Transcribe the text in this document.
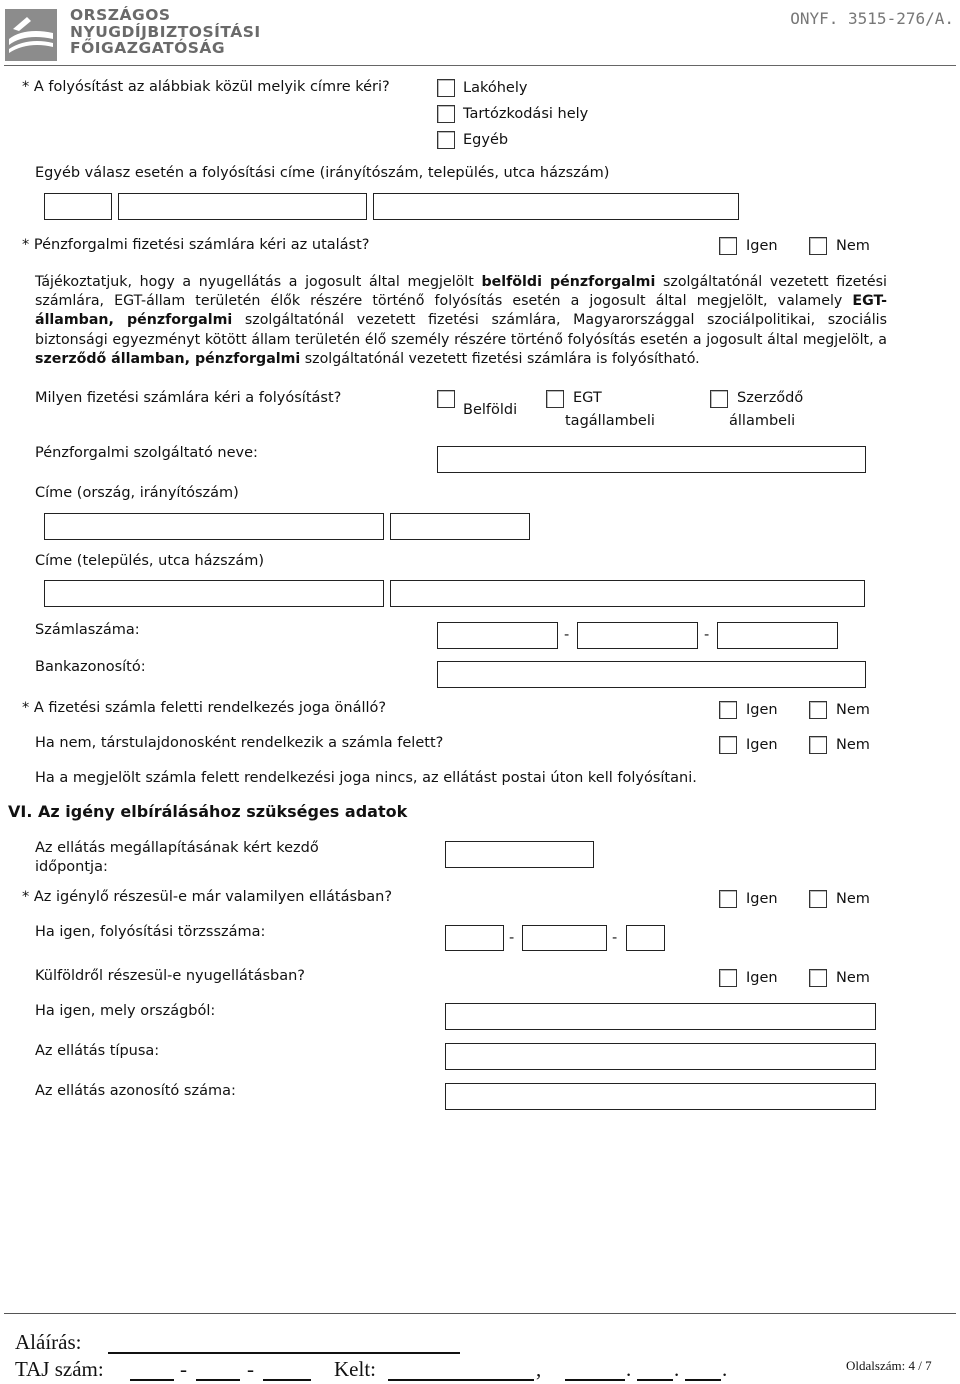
ORSZÁGOS
NYUGDÍJBIZTOSÍTÁSI
FŐIGAZGATÓSÁG
ONYF. 3515-276/A.
* A folyósítást az alábbiak közül melyik címre kéri?	Lakóhely
Tartózkodási hely
Egyéb
Egyéb válasz esetén a folyósítási címe (irányítószám, település, utca házszám)
* Pénzforgalmi fizetési számlára kéri az utalást?	Igen	Nem
Tájékoztatjuk, hogy a nyugellátás a jogosult által megjelölt belföldi pénzforgalmi szolgáltatónál vezetett fizetési számlára, EGT-állam területén élők részére történő folyósítás esetén a jogosult által megjelölt, valamely EGT-államban, pénzforgalmi szolgáltatónál vezetett fizetési számlára, Magyarországgal szociálpolitikai, szociális biztonsági egyezményt kötött állam területén élő személy részére történő folyósítás esetén a jogosult által megjelölt, a szerződő államban, pénzforgalmi szolgáltatónál vezetett fizetési számlára is folyósítható.
Milyen fizetési számlára kéri a folyósítást?
Belföldi
EGT
tagállambeli
Szerződő
állambeli
Pénzforgalmi szolgáltató neve:
Címe (ország, irányítószám)
Címe (település, utca házszám)
Számlaszáma:	-	-
Bankazonosító:
* A fizetési számla feletti rendelkezés joga önálló?	Igen	Nem
Ha nem, társtulajdonosként rendelkezik a számla felett?	Igen	Nem
Ha a megjelölt számla felett rendelkezési joga nincs, az ellátást postai úton kell folyósítani.
VI. Az igény elbírálásához szükséges adatok
Az ellátás megállapításának kért kezdő
időpontja:
* Az igénylő részesül-e már valamilyen ellátásban?	Igen	Nem
Ha igen, folyósítási törzsszáma:	-	-
Külföldről részesül-e nyugellátásban?	Igen	Nem
Ha igen, mely országból:
Az ellátás típusa:
Az ellátás azonosító száma:
Aláírás:
TAJ szám:	-	-	Kelt:	,	. . .	Oldalszám: 4 / 7
